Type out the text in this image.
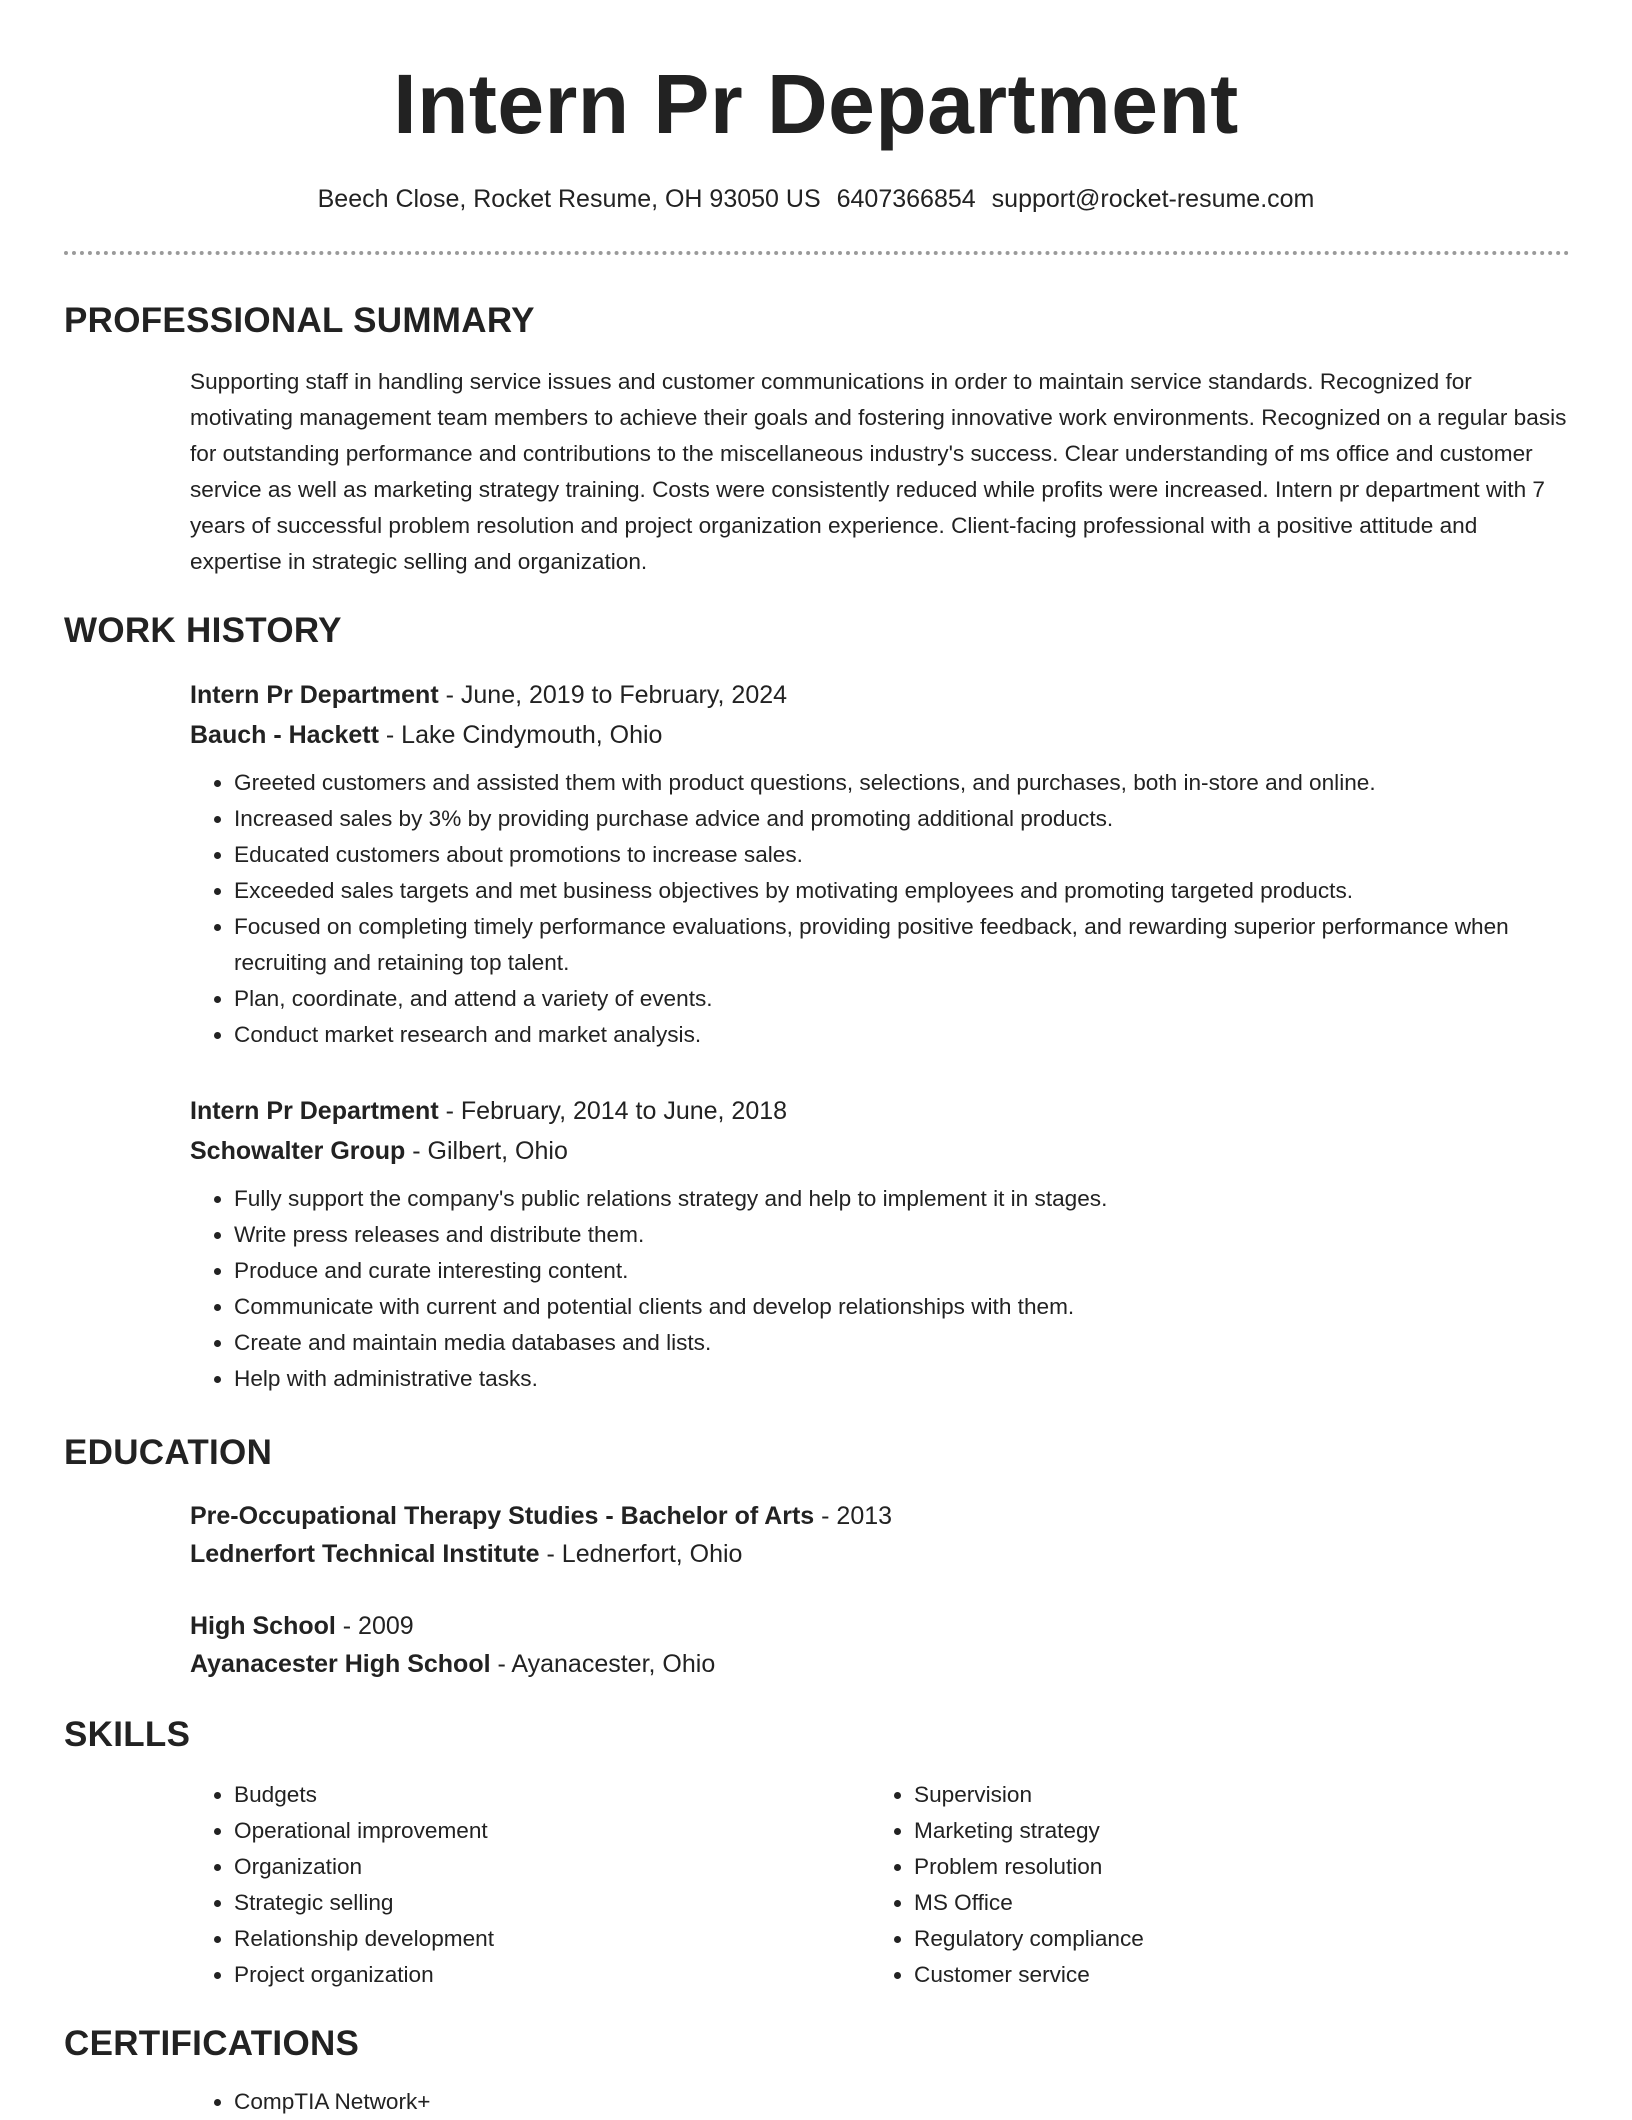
Intern Pr Department
Beech Close, Rocket Resume, OH 93050 US 6407366854 support@rocket-resume.com
PROFESSIONAL SUMMARY
Supporting staff in handling service issues and customer communications in order to maintain service standards. Recognized for motivating management team members to achieve their goals and fostering innovative work environments. Recognized on a regular basis for outstanding performance and contributions to the miscellaneous industry's success. Clear understanding of ms office and customer service as well as marketing strategy training. Costs were consistently reduced while profits were increased. Intern pr department with 7 years of successful problem resolution and project organization experience. Client-facing professional with a positive attitude and expertise in strategic selling and organization.
WORK HISTORY
Intern Pr Department - June, 2019 to February, 2024
Bauch - Hackett - Lake Cindymouth, Ohio
• Greeted customers and assisted them with product questions, selections, and purchases, both in-store and online.
• Increased sales by 3% by providing purchase advice and promoting additional products.
• Educated customers about promotions to increase sales.
• Exceeded sales targets and met business objectives by motivating employees and promoting targeted products.
• Focused on completing timely performance evaluations, providing positive feedback, and rewarding superior performance when recruiting and retaining top talent.
• Plan, coordinate, and attend a variety of events.
• Conduct market research and market analysis.
Intern Pr Department - February, 2014 to June, 2018
Schowalter Group - Gilbert, Ohio
• Fully support the company's public relations strategy and help to implement it in stages.
• Write press releases and distribute them.
• Produce and curate interesting content.
• Communicate with current and potential clients and develop relationships with them.
• Create and maintain media databases and lists.
• Help with administrative tasks.
EDUCATION
Pre-Occupational Therapy Studies - Bachelor of Arts - 2013
Lednerfort Technical Institute - Lednerfort, Ohio
High School - 2009
Ayanacester High School - Ayanacester, Ohio
SKILLS
• Budgets
• Operational improvement
• Organization
• Strategic selling
• Relationship development
• Project organization
• Supervision
• Marketing strategy
• Problem resolution
• MS Office
• Regulatory compliance
• Customer service
CERTIFICATIONS
• CompTIA Network+
